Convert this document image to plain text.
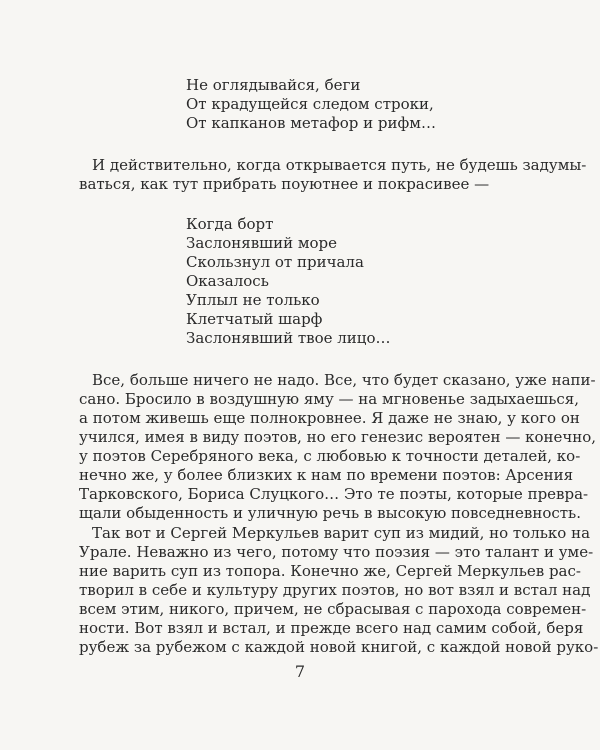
Не оглядывайся, беги
От крадущейся следом строки,
От капканов метафор и рифм…
И действительно, когда открывается путь, не будешь задумы-
ваться, как тут прибрать поуютнее и покрасивее —
Когда борт
Заслонявший море
Скользнул от причала
Оказалось
Уплыл не только
Клетчатый шарф
Заслонявший твое лицо…
Все, больше ничего не надо. Все, что будет сказано, уже напи-
сано. Бросило в воздушную яму — на мгновенье задыхаешься,
а потом живешь еще полнокровнее. Я даже не знаю, у кого он
учился, имея в виду поэтов, но его генезис вероятен — конечно,
у поэтов Серебряного века, с любовью к точности деталей, ко-
нечно же, у более близких к нам по времени поэтов: Арсения
Тарковского, Бориса Слуцкого… Это те поэты, которые превра-
щали обыденность и уличную речь в высокую повседневность.
Так вот и Сергей Меркульев варит суп из мидий, но только на
Урале. Неважно из чего, потому что поэзия — это талант и уме-
ние варить суп из топора. Конечно же, Сергей Меркульев рас-
творил в себе и культуру других поэтов, но вот взял и встал над
всем этим, никого, причем, не сбрасывая с парохода современ-
ности. Вот взял и встал, и прежде всего над самим собой, беря
рубеж за рубежом с каждой новой книгой, с каждой новой руко-
7
